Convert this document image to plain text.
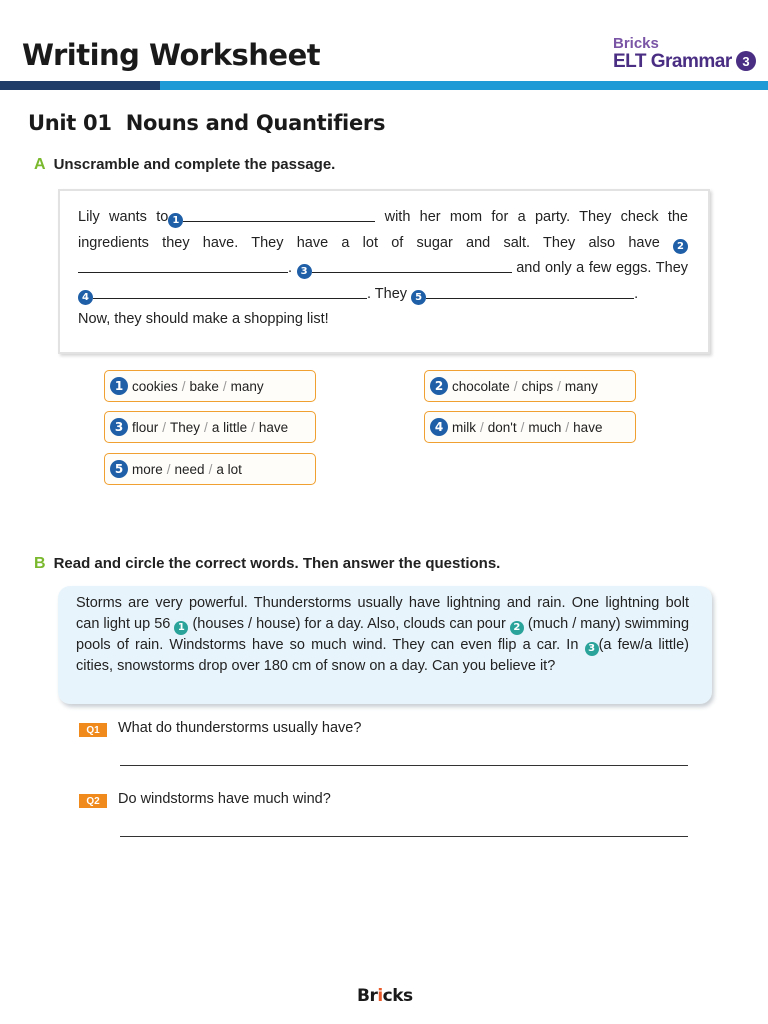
Writing Worksheet	Bricks
ELT Grammar 3
Unit 01 Nouns and Quantifiers
A Unscramble and complete the passage.
Lily wants to 1	with her mom for a party. They check the ingredients they have. They have a lot of sugar and salt. They also have 2. 3	and only a few eggs. They 4	. They 5	.
Now, they should make a shopping list!
1 cookies / bake / many	2 chocolate / chips / many
3 flour / They / a little / have	4 milk / don't / much / have
5 more / need / a lot
B Read and circle the correct words. Then answer the questions.
Storms are very powerful. Thunderstorms usually have lightning and rain. One lightning bolt can light up 56 1 (houses / house) for a day. Also, clouds can pour 2 (much / many) swimming pools of rain. Windstorms have so much wind. They can even flip a car. In 3 (a few/a little) cities, snowstorms drop over 180 cm of snow on a day. Can you believe it?
Q1	What do thunderstorms usually have?
Q2	Do windstorms have much wind?
Bricks
